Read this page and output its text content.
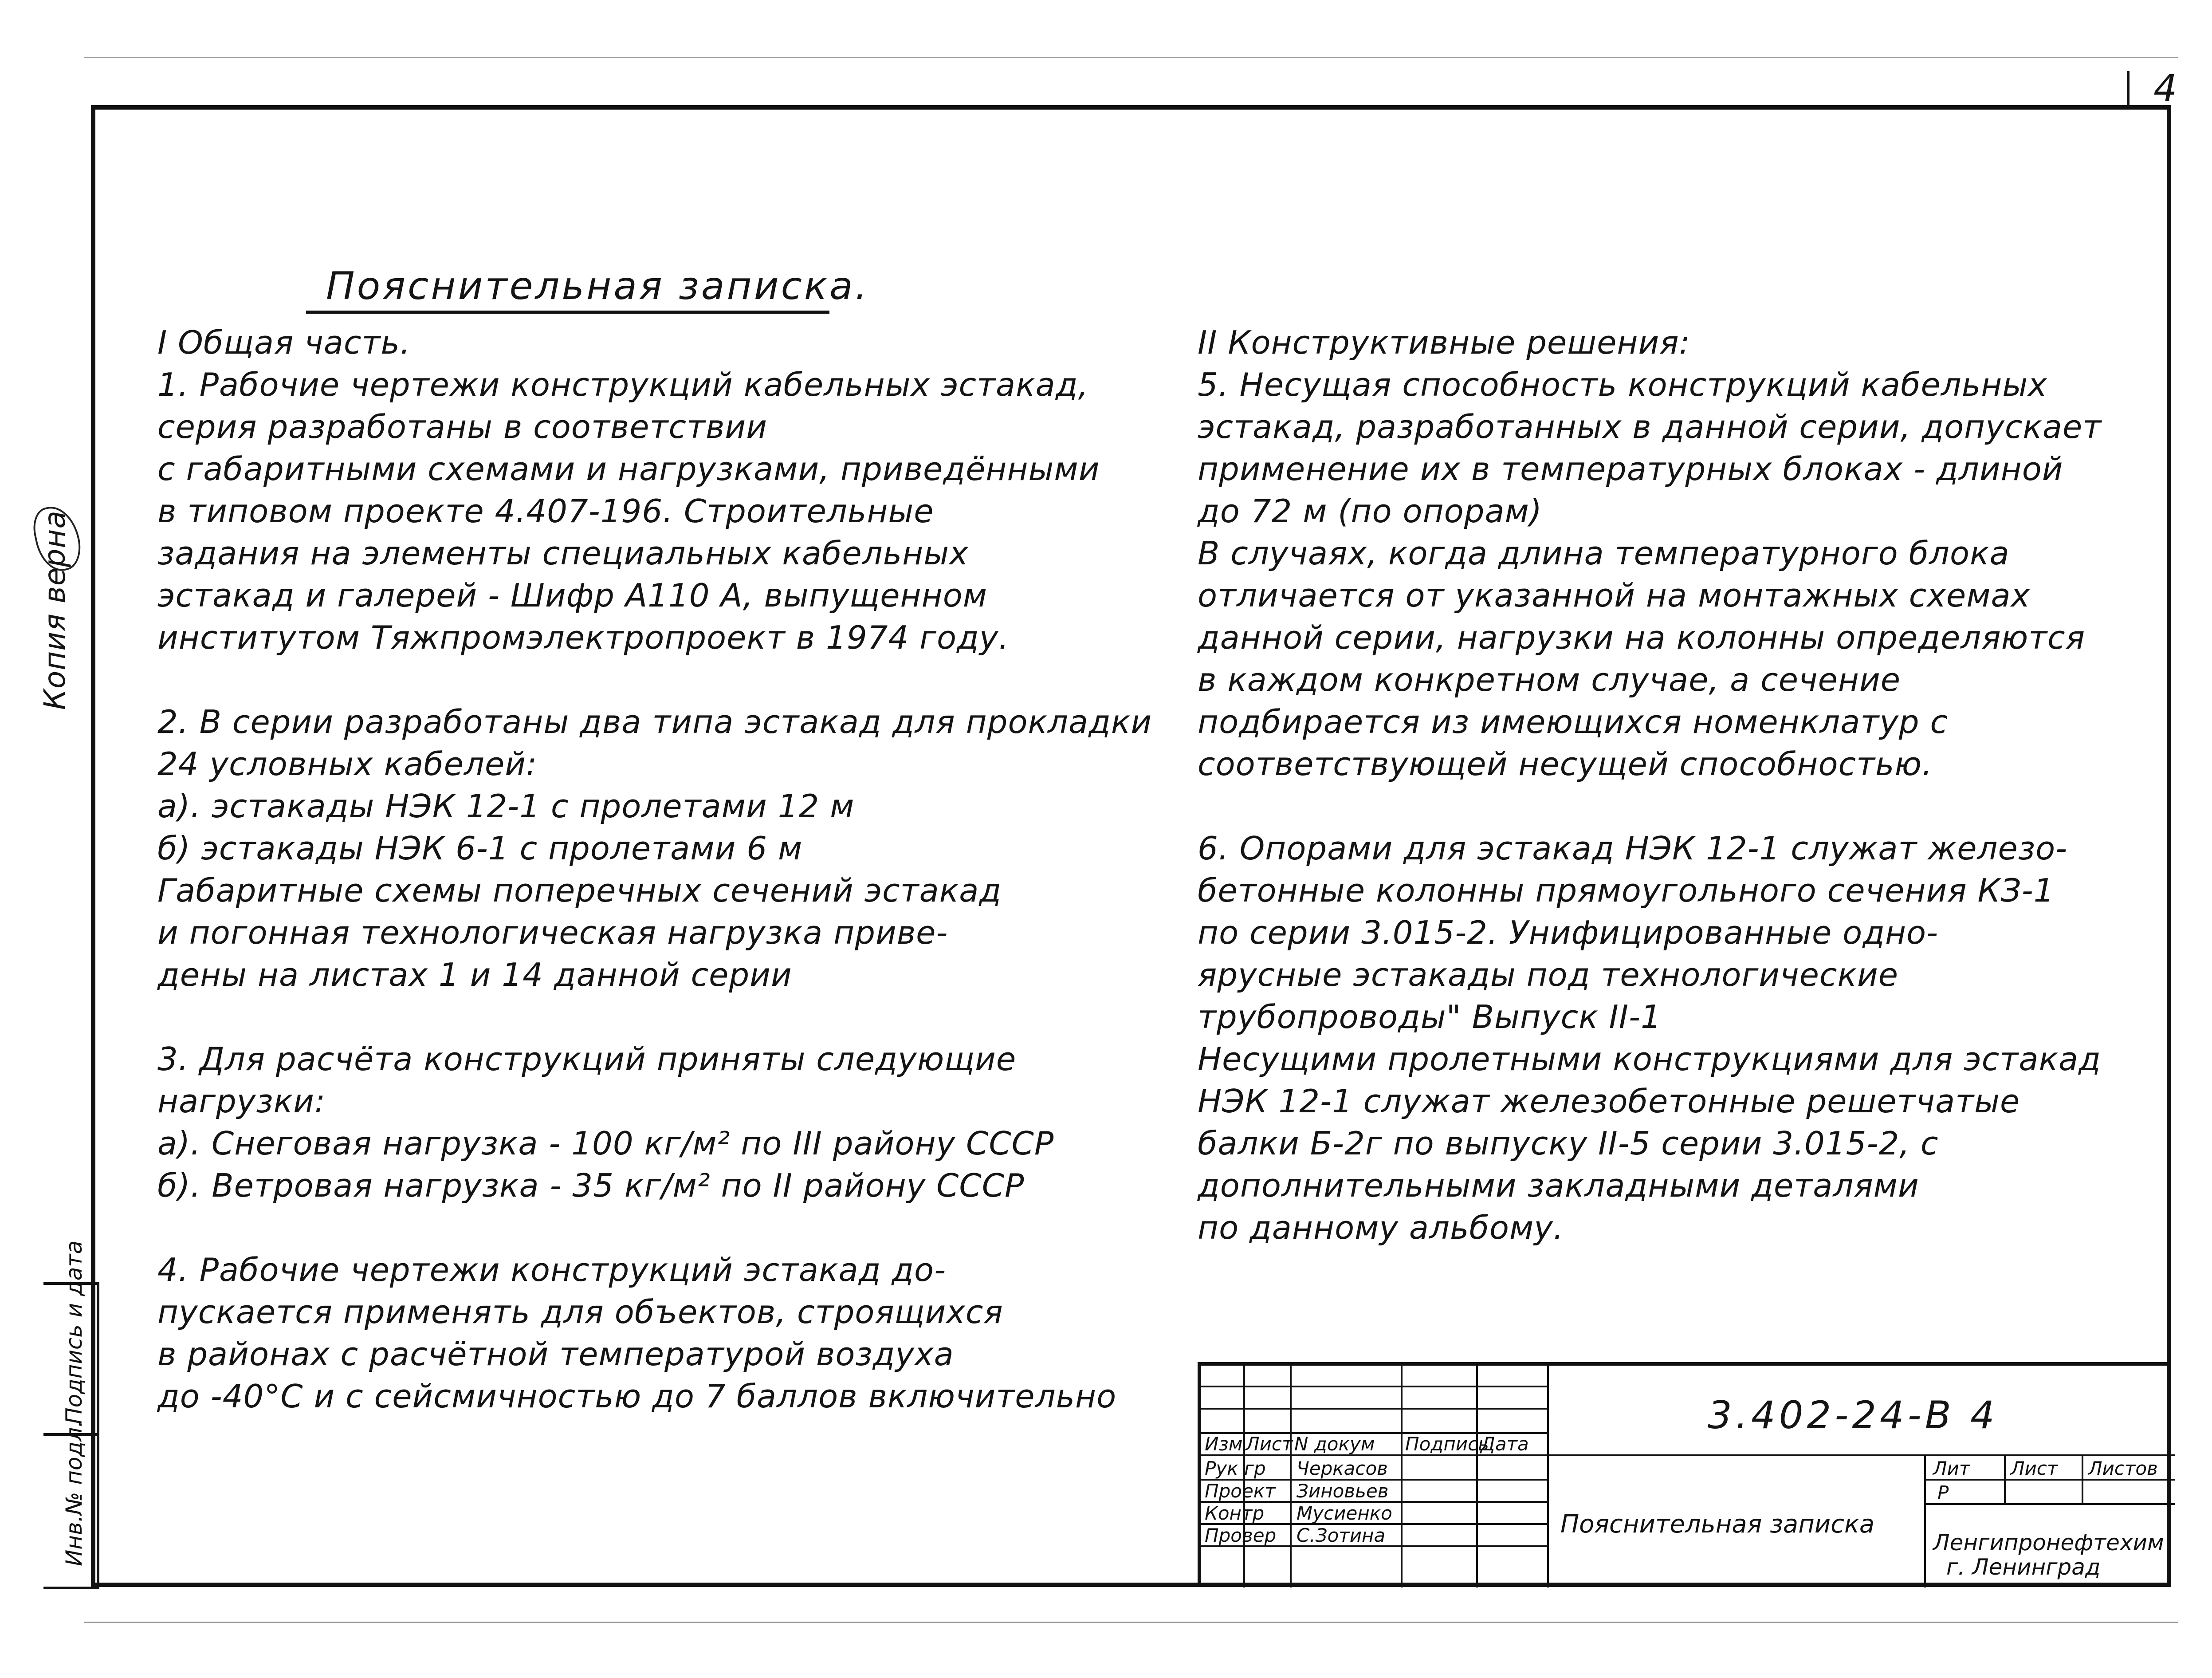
4
Копия верна
Инв.№ подл.
Подпись и дата
Пояснительная записка.
I Общая часть.
1. Рабочие чертежи конструкций кабельных эстакад,
серия разработаны в соответствии
с габаритными схемами и нагрузками, приведёнными
в типовом проекте 4.407-196. Строительные
задания на элементы специальных кабельных
эстакад и галерей - Шифр А110 А, выпущенном
институтом Тяжпромэлектропроект в 1974 году.
2. В серии разработаны два типа эстакад для прокладки
24 условных кабелей:
а). эстакады НЭК 12-1 с пролетами 12 м
б) эстакады НЭК 6-1 с пролетами 6 м
Габаритные схемы поперечных сечений эстакад
и погонная технологическая нагрузка приве-
дены на листах 1 и 14 данной серии
3. Для расчёта конструкций приняты следующие
нагрузки:
а). Снеговая нагрузка - 100 кг/м² по III району СССР
б). Ветровая нагрузка - 35 кг/м² по II району СССР
4. Рабочие чертежи конструкций эстакад до-
пускается применять для объектов, строящихся
в районах с расчётной температурой воздуха
до -40°С и с сейсмичностью до 7 баллов включительно
II Конструктивные решения:
5. Несущая способность конструкций кабельных
эстакад, разработанных в данной серии, допускает
применение их в температурных блоках - длиной
до 72 м (по опорам)
В случаях, когда длина температурного блока
отличается от указанной на монтажных схемах
данной серии, нагрузки на колонны определяются
в каждом конкретном случае, а сечение
подбирается из имеющихся номенклатур с
соответствующей несущей способностью.
6. Опорами для эстакад НЭК 12-1 служат железо-
бетонные колонны прямоугольного сечения КЗ-1
по серии 3.015-2. Унифицированные одно-
ярусные эстакады под технологические
трубопроводы" Выпуск II-1
Несущими пролетными конструкциями для эстакад
НЭК 12-1 служат железобетонные решетчатые
балки Б-2г по выпуску II-5 серии 3.015-2, с
дополнительными закладными деталями
по данному альбому.
Изм Лист N докум Подпись
Дата
Рук гр Черкасов
Проект Зиновьев
Контр Мусиенко
Провер С.Зотина	Пояснительная записка
Лит Лист Листов
Р
Ленгипронефтехим
г. Ленинград
3.402-24-В 4
